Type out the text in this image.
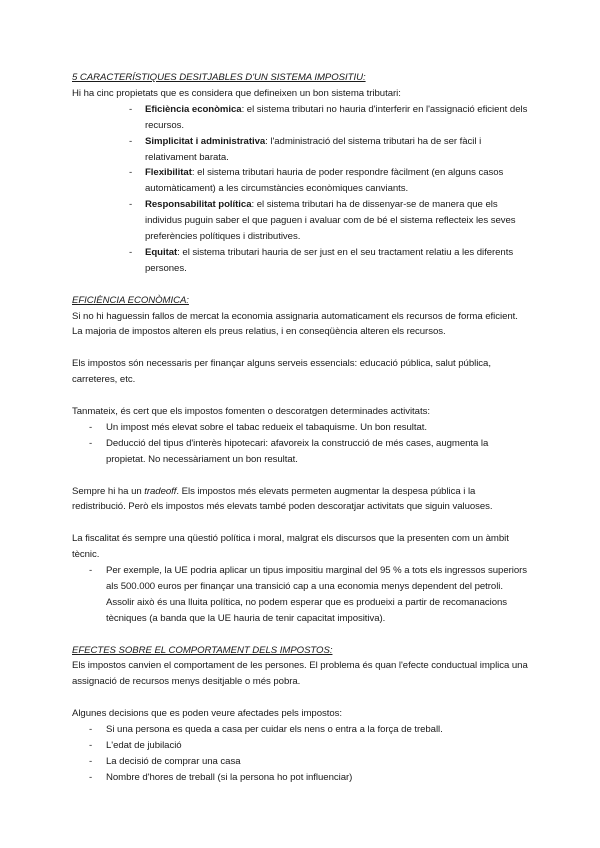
5 CARACTERÍSTIQUES DESITJABLES D'UN SISTEMA IMPOSITIU:

Hi ha cinc propietats que es considera que defineixen un bon sistema tributari:

- Eficiència econòmica: el sistema tributari no hauria d'interferir en l'assignació eficient dels recursos.
- Simplicitat i administrativa: l'administració del sistema tributari ha de ser fàcil i relativament barata.
- Flexibilitat: el sistema tributari hauria de poder respondre fàcilment (en alguns casos automàticament) a les circumstàncies econòmiques canviants.
- Responsabilitat política: el sistema tributari ha de dissenyar-se de manera que els individus puguin saber el que paguen i avaluar com de bé el sistema reflecteix les seves preferències polítiques i distributives.
- Equitat: el sistema tributari hauria de ser just en el seu tractament relatiu a les diferents persones.

EFICIÈNCIA ECONÒMICA:

Si no hi haguessin fallos de mercat la economia assignaria automaticament els recursos de forma eficient. La majoria de impostos alteren els preus relatius, i en conseqüència alteren els recursos.

Els impostos són necessaris per finançar alguns serveis essencials: educació pública, salut pública, carreteres, etc.

Tanmateix, és cert que els impostos fomenten o descoratgen determinades activitats:

- Un impost més elevat sobre el tabac redueix el tabaquisme. Un bon resultat.
- Deducció del tipus d'interès hipotecari: afavoreix la construcció de més cases, augmenta la propietat. No necessàriament un bon resultat.

Sempre hi ha un tradeoff. Els impostos més elevats permeten augmentar la despesa pública i la redistribució. Però els impostos més elevats també poden descoratjar activitats que siguin valuoses.

La fiscalitat és sempre una qüestió política i moral, malgrat els discursos que la presenten com un àmbit tècnic.

- Per exemple, la UE podria aplicar un tipus impositiu marginal del 95 % a tots els ingressos superiors als 500.000 euros per finançar una transició cap a una economia menys dependent del petroli. Assolir això és una lluita política, no podem esperar que es produeixi a partir de recomanacions tècniques (a banda que la UE hauria de tenir capacitat impositiva).

EFECTES SOBRE EL COMPORTAMENT DELS IMPOSTOS:

Els impostos canvien el comportament de les persones. El problema és quan l'efecte conductual implica una assignació de recursos menys desitjable o més pobra.

Algunes decisions que es poden veure afectades pels impostos:

- Si una persona es queda a casa per cuidar els nens o entra a la força de treball.
- L'edat de jubilació
- La decisió de comprar una casa
- Nombre d'hores de treball (si la persona ho pot influenciar)
